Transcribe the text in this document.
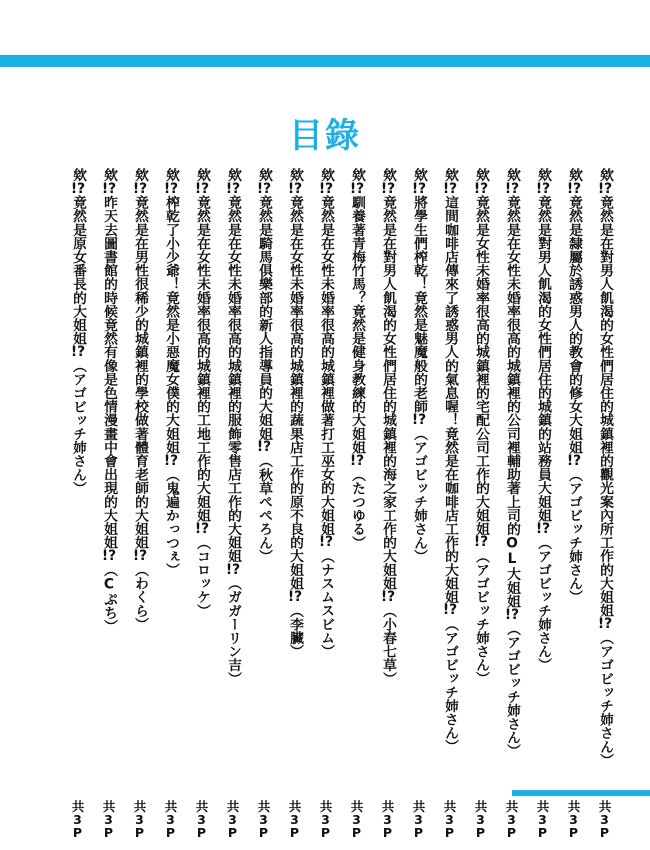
目錄
欸!?竟然是在對男人飢渴的女性們居住的城鎮裡的觀光案內所工作的大姐姐!?（アゴビッチ姉さん）
欸!?竟然是隸屬於誘惑男人的教會的修女大姐姐!?（アゴビッチ姉さん）
欸!?竟然是對男人飢渴的女性們居住的城鎮的站務員大姐姐!?（アゴビッチ姉さん）
欸!?竟然是在女性未婚率很高的城鎮裡的公司裡輔助著上司的OL大姐姐!?（アゴビッチ姉さん）
欸!?竟然是女性未婚率很高的城鎮裡的宅配公司工作的大姐姐!?（アゴビッチ姉さん）
欸!?這間咖啡店傳來了誘惑男人的氣息喔！竟然是在咖啡店工作的大姐姐!?（アゴビッチ姉さん）
欸!?將學生們榨乾！竟然是魅魔般的老師!?（アゴビッチ姉さん）
欸!?竟然是在對男人飢渴的女性們居住的城鎮裡的海之家工作的大姐姐!?（小春七草）
欸!?馴養著青梅竹馬？竟然是健身教練的大姐姐!?（たつゆる）
欸!?竟然是在女性未婚率很高的城鎮裡做著打工巫女的大姐姐!?（ナスムスビム）
欸!?竟然是在女性未婚率很高的城鎮裡的蔬果店工作的原不良的大姐姐!?（李臟）
欸!?竟然是騎馬俱樂部的新人指導員的大姐姐!?（秋草ぺぺろん）
欸!?竟然是在女性未婚率很高的城鎮裡的服飾零售店工作的大姐姐!?（ガガーリン吉）
欸!?竟然是在女性未婚率很高的城鎮裡的工地工作的大姐姐!?（コロッケ）
欸!?榨乾了小少爺！竟然是小惡魔女僕的大姐姐!?（鬼遍かっつぇ）
欸!?竟然是在男性很稀少的城鎮裡的學校做著體育老師的大姐姐!?（わくら）
欸!?昨天去圖書館的時候竟然有像是色情漫畫中會出現的大姐姐!?（Cぷち）
欸!?竟然是原女番長的大姐姐!?（アゴビッチ姉さん）
共3P
共3P
共3P
共3P
共3P
共3P
共3P
共3P
共3P
共3P
共3P
共3P
共3P
共3P
共3P
共3P
共3P
共3P
